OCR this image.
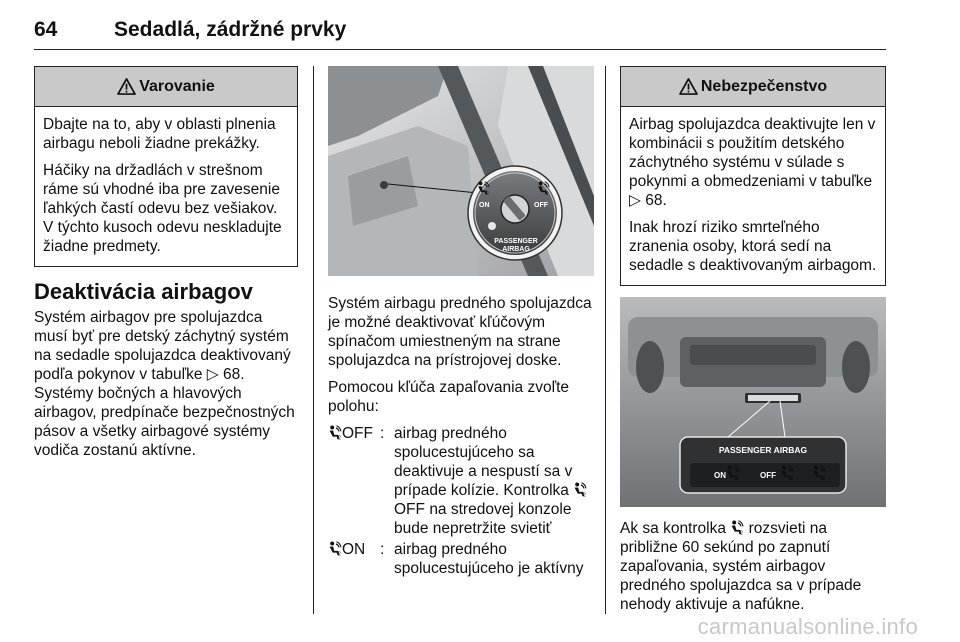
64	Sedadlá, zádržné prvky
Varovanie

Dbajte na to, aby v oblasti plnenia airbagu neboli žiadne prekážky.

Háčiky na držadlách v strešnom ráme sú vhodné iba pre zavesenie ľahkých častí odevu bez vešiakov. V týchto kusoch odevu neskladujte žiadne predmety.

Deaktivácia airbagov

Systém airbagov pre spolujazdca musí byť pre detský záchytný systém na sedadle spolujazdca deaktivovaný podľa pokynov v tabuľke ▷ 68.

Systémy bočných a hlavových airbagov, predpínače bezpečnostných pásov a všetky airbagové systémy vodiča zostanú aktívne.

ON	OFF
PASSENGER AIRBAG

Systém airbagu predného spolujazdca je možné deaktivovať kľúčovým spínačom umiestneným na strane spolujazdca na prístrojovej doske.

Pomocou kľúča zapaľovania zvoľte polohu:

OFF : airbag predného spolucestujúceho sa deaktivuje a nespustí sa v prípade kolízie. Kontrolka OFF na stredovej konzole bude nepretržite svietiť
ON : airbag predného spolucestujúceho je aktívny
Nebezpečenstvo

Airbag spolujazdca deaktivujte len v kombinácii s použitím detského záchytného systému v súlade s pokynmi a obmedzeniami v tabuľke ▷ 68.

Inak hrozí riziko smrteľného zranenia osoby, ktorá sedí na sedadle s deaktivovaným airbagom.

PASSENGER AIRBAG
ON	OFF

Ak sa kontrolka rozsvieti na približne 60 sekúnd po zapnutí zapaľovania, systém airbagov predného spolujazdca sa v prípade nehody aktivuje a nafúkne.

carmanualsonline.info
